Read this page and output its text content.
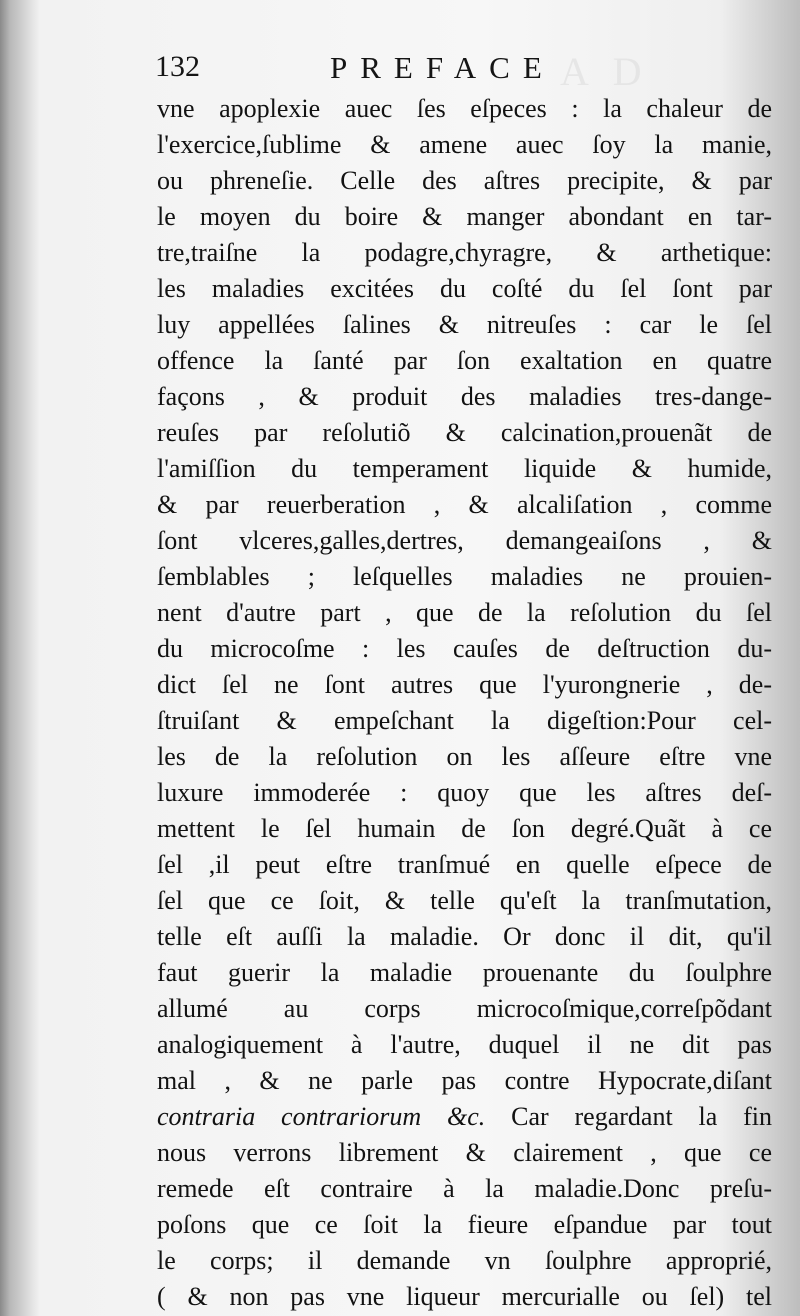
A D
132	PREFACE
vne apoplexie auec ſes eſpeces : la chaleur de
l'exercice,ſublime & amene auec ſoy la manie,
ou phreneſie. Celle des aſtres precipite, & par
le moyen du boire & manger abondant en tar-
tre,traiſne la podagre,chyragre, & arthetique:
les maladies excitées du coſté du ſel ſont par
luy appellées ſalines & nitreuſes : car le ſel
offence la ſanté par ſon exaltation en quatre
façons , & produit des maladies tres-dange-
reuſes par reſolutiõ & calcination,prouenãt de
l'amiſſion du temperament liquide & humide,
& par reuerberation , & alcaliſation , comme
ſont vlceres,galles,dertres, demangeaiſons , &
ſemblables ; leſquelles maladies ne prouien-
nent d'autre part , que de la reſolution du ſel
du microcoſme : les cauſes de deſtruction du-
dict ſel ne ſont autres que l'yurongnerie , de-
ſtruiſant & empeſchant la digeſtion:Pour cel-
les de la reſolution on les aſſeure eſtre vne
luxure immoderée : quoy que les aſtres deſ-
mettent le ſel humain de ſon degré.Quãt à ce
ſel ,il peut eſtre tranſmué en quelle eſpece de
ſel que ce ſoit, & telle qu'eſt la tranſmutation,
telle eſt auſſi la maladie. Or donc il dit, qu'il
faut guerir la maladie prouenante du ſoulphre
allumé au corps microcoſmique,correſpõdant
analogiquement à l'autre, duquel il ne dit pas
mal , & ne parle pas contre Hypocrate,diſant
contraria contrariorum &c. Car regardant la fin
nous verrons librement & clairement , que ce
remede eſt contraire à la maladie.Donc preſu-
poſons que ce ſoit la fieure eſpandue par tout
le corps; il demande vn ſoulphre approprié,
( & non pas vne liqueur mercurialle ou ſel) tel
